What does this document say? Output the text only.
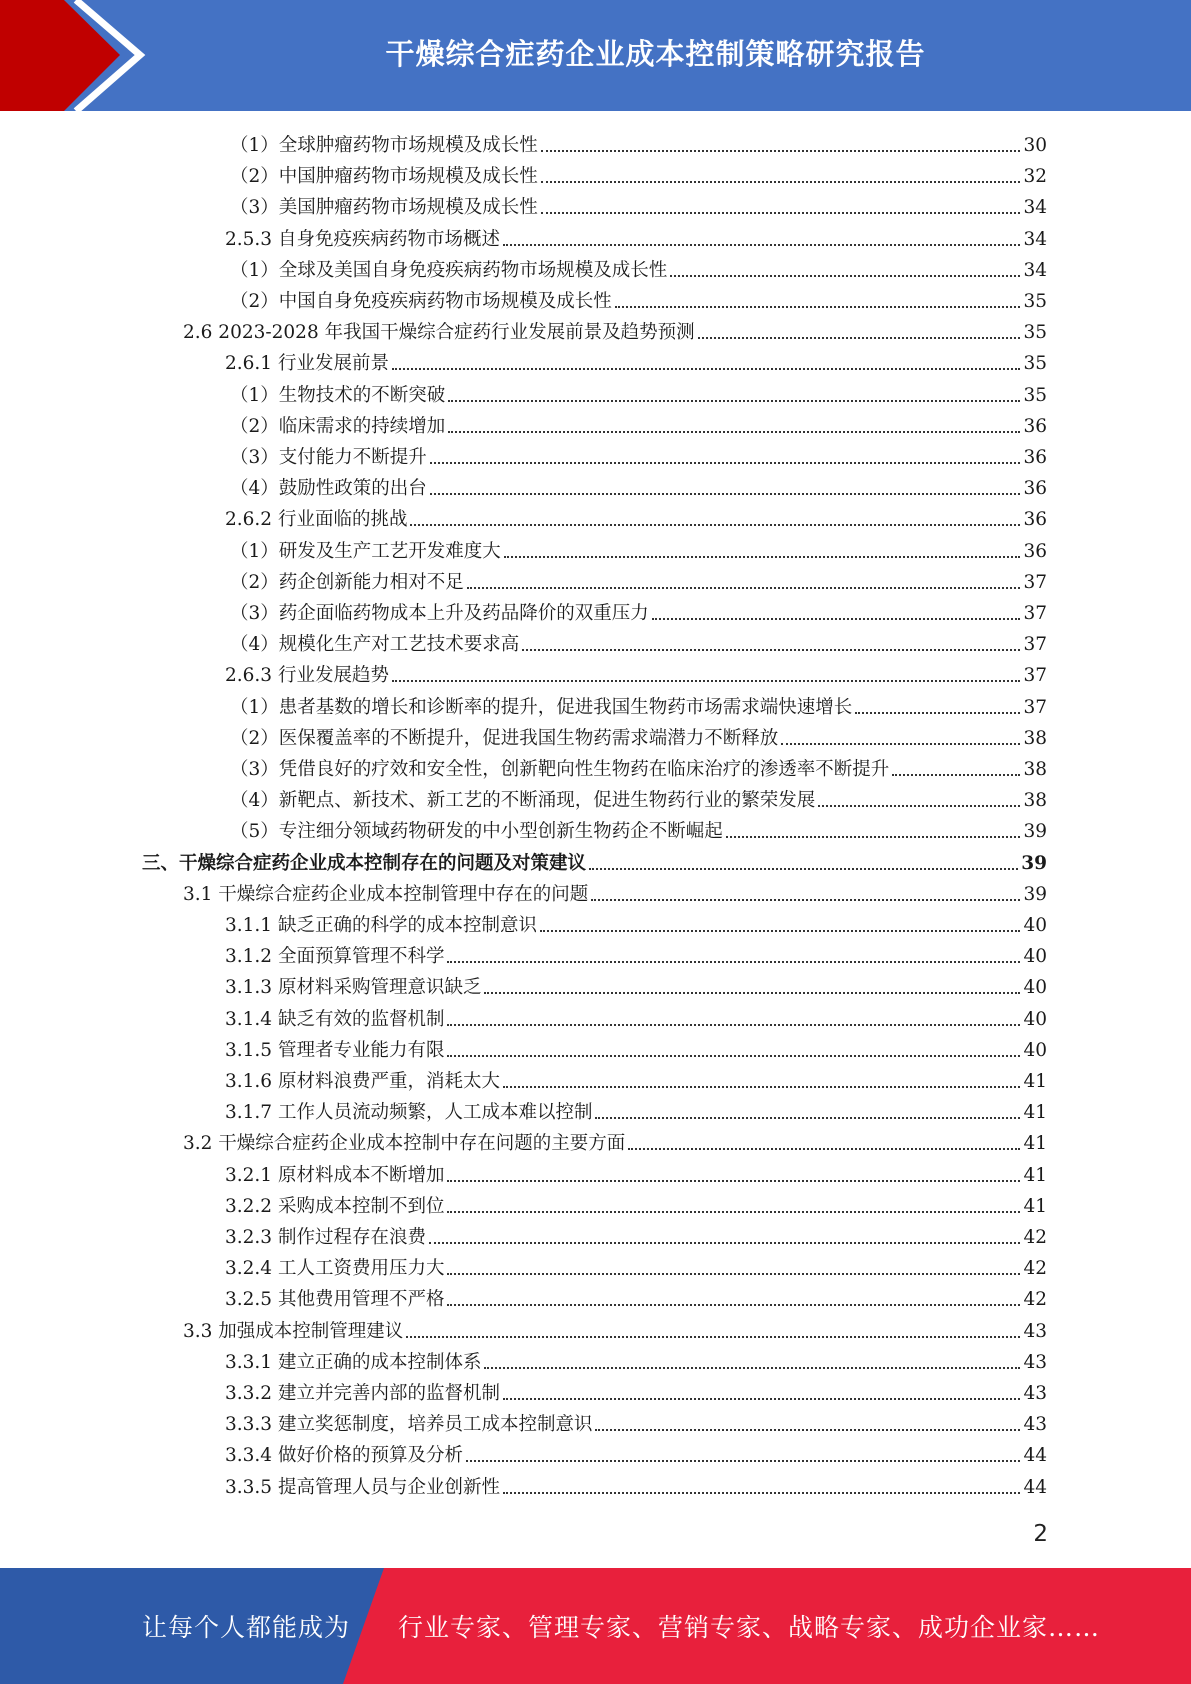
干燥综合症药企业成本控制策略研究报告
（1）全球肿瘤药物市场规模及成长性	30
（2）中国肿瘤药物市场规模及成长性	32
（3）美国肿瘤药物市场规模及成长性	34
2.5.3 自身免疫疾病药物市场概述	34
（1）全球及美国自身免疫疾病药物市场规模及成长性	34
（2）中国自身免疫疾病药物市场规模及成长性	35
2.6 2023-2028 年我国干燥综合症药行业发展前景及趋势预测	35
2.6.1 行业发展前景	35
（1）生物技术的不断突破	35
（2）临床需求的持续增加	36
（3）支付能力不断提升	36
（4）鼓励性政策的出台	36
2.6.2 行业面临的挑战	36
（1）研发及生产工艺开发难度大	36
（2）药企创新能力相对不足	37
（3）药企面临药物成本上升及药品降价的双重压力	37
（4）规模化生产对工艺技术要求高	37
2.6.3 行业发展趋势	37
（1）患者基数的增长和诊断率的提升，促进我国生物药市场需求端快速增长	37
（2）医保覆盖率的不断提升，促进我国生物药需求端潜力不断释放	38
（3）凭借良好的疗效和安全性，创新靶向性生物药在临床治疗的渗透率不断提升	38
（4）新靶点、新技术、新工艺的不断涌现，促进生物药行业的繁荣发展	38
（5）专注细分领域药物研发的中小型创新生物药企不断崛起	39
三、干燥综合症药企业成本控制存在的问题及对策建议	39
3.1 干燥综合症药企业成本控制管理中存在的问题	39
3.1.1 缺乏正确的科学的成本控制意识	40
3.1.2 全面预算管理不科学	40
3.1.3 原材料采购管理意识缺乏	40
3.1.4 缺乏有效的监督机制	40
3.1.5 管理者专业能力有限	40
3.1.6 原材料浪费严重，消耗太大	41
3.1.7 工作人员流动频繁，人工成本难以控制	41
3.2 干燥综合症药企业成本控制中存在问题的主要方面	41
3.2.1 原材料成本不断增加	41
3.2.2 采购成本控制不到位	41
3.2.3 制作过程存在浪费	42
3.2.4 工人工资费用压力大	42
3.2.5 其他费用管理不严格	42
3.3 加强成本控制管理建议	43
3.3.1 建立正确的成本控制体系	43
3.3.2 建立并完善内部的监督机制	43
3.3.3 建立奖惩制度，培养员工成本控制意识	43
3.3.4 做好价格的预算及分析	44
3.3.5 提高管理人员与企业创新性	44
2
让每个人都能成为 行业专家、管理专家、营销专家、战略专家、成功企业家……
